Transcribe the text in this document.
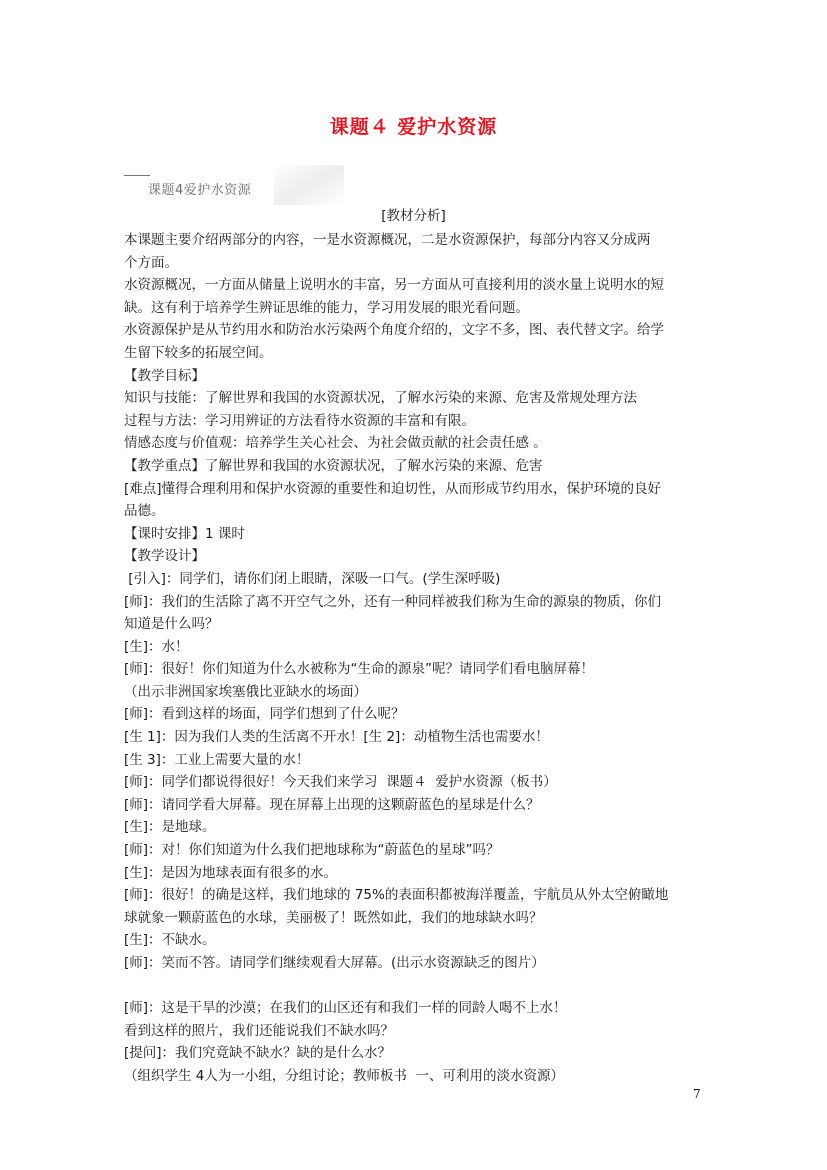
课题４ 爱护水资源
课题4爱护水资源
[教材分析]

本课题主要介绍两部分的内容，一是水资源概况，二是水资源保护，每部分内容又分成两

个方面。

水资源概况，一方面从储量上说明水的丰富，另一方面从可直接利用的淡水量上说明水的短

缺。这有利于培养学生辨证思维的能力，学习用发展的眼光看问题。

水资源保护是从节约用水和防治水污染两个角度介绍的，文字不多，图、表代替文字。给学

生留下较多的拓展空间。

【教学目标】

知识与技能：了解世界和我国的水资源状况，了解水污染的来源、危害及常规处理方法

过程与方法：学习用辨证的方法看待水资源的丰富和有限。

情感态度与价值观：培养学生关心社会、为社会做贡献的社会责任感 。

【教学重点】了解世界和我国的水资源状况，了解水污染的来源、危害

[难点]懂得合理利用和保护水资源的重要性和迫切性，从而形成节约用水，保护环境的良好

品德。

【课时安排】1 课时

【教学设计】

[引入]：同学们，请你们闭上眼睛，深吸一口气。(学生深呼吸)

[师]：我们的生活除了离不开空气之外，还有一种同样被我们称为生命的源泉的物质，你们

知道是什么吗？

[生]：水！

[师]：很好！你们知道为什么水被称为“生命的源泉”呢？请同学们看电脑屏幕！

（出示非洲国家埃塞俄比亚缺水的场面）

[师]：看到这样的场面，同学们想到了什么呢？

[生 1]：因为我们人类的生活离不开水！[生 2]：动植物生活也需要水！

[生 3]：工业上需要大量的水！

[师]：同学们都说得很好！今天我们来学习  课题４  爱护水资源（板书）

[师]：请同学看大屏幕。现在屏幕上出现的这颗蔚蓝色的星球是什么？

[生]：是地球。

[师]：对！你们知道为什么我们把地球称为“蔚蓝色的星球”吗？

[生]：是因为地球表面有很多的水。

[师]：很好！的确是这样，我们地球的 75%的表面积都被海洋覆盖，宇航员从外太空俯瞰地

球就象一颗蔚蓝色的水球，美丽极了！既然如此，我们的地球缺水吗？

[生]：不缺水。

[师]：笑而不答。请同学们继续观看大屏幕。(出示水资源缺乏的图片）

[师]：这是干旱的沙漠；在我们的山区还有和我们一样的同龄人喝不上水！

看到这样的照片，我们还能说我们不缺水吗？

[提问]：我们究竟缺不缺水？缺的是什么水？

（组织学生 4人为一小组，分组讨论；教师板书  一、可利用的淡水资源）

7
